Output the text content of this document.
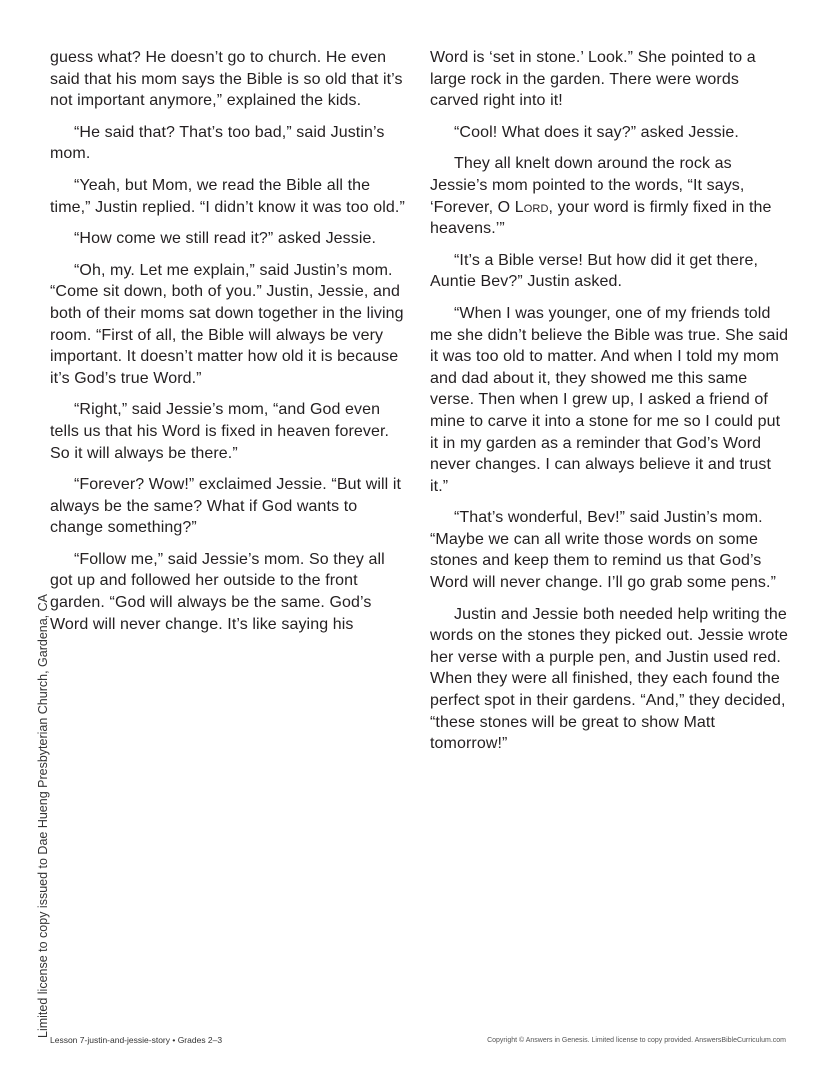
guess what? He doesn’t go to church. He even said that his mom says the Bible is so old that it’s not important anymore,” explained the kids.

“He said that? That’s too bad,” said Justin’s mom.

“Yeah, but Mom, we read the Bible all the time,” Justin replied. “I didn’t know it was too old.”

“How come we still read it?” asked Jessie.

“Oh, my. Let me explain,” said Justin’s mom. “Come sit down, both of you.” Justin, Jessie, and both of their moms sat down together in the living room. “First of all, the Bible will always be very important. It doesn’t matter how old it is because it’s God’s true Word.”

“Right,” said Jessie’s mom, “and God even tells us that his Word is fixed in heaven forever. So it will always be there.”

“Forever? Wow!” exclaimed Jessie. “But will it always be the same? What if God wants to change something?”

“Follow me,” said Jessie’s mom. So they all got up and followed her outside to the front garden. “God will always be the same. God’s Word will never change. It’s like saying his

Word is ‘set in stone.’ Look.” She pointed to a large rock in the garden. There were words carved right into it!

“Cool! What does it say?” asked Jessie.

They all knelt down around the rock as Jessie’s mom pointed to the words, “It says, ‘Forever, O Lord, your word is firmly fixed in the heavens.’”

“It’s a Bible verse! But how did it get there, Auntie Bev?” Justin asked.

“When I was younger, one of my friends told me she didn’t believe the Bible was true. She said it was too old to matter. And when I told my mom and dad about it, they showed me this same verse. Then when I grew up, I asked a friend of mine to carve it into a stone for me so I could put it in my garden as a reminder that God’s Word never changes. I can always believe it and trust it.”

“That’s wonderful, Bev!” said Justin’s mom. “Maybe we can all write those words on some stones and keep them to remind us that God’s Word will never change. I’ll go grab some pens.”

Justin and Jessie both needed help writing the words on the stones they picked out. Jessie wrote her verse with a purple pen, and Justin used red. When they were all finished, they each found the perfect spot in their gardens. “And,” they decided, “these stones will be great to show Matt tomorrow!”

Limited license to copy issued to Dae Hueng Presbyterian Church, Gardena, CA
Lesson 7-justin-and-jessie-story • Grades 2–3	Copyright © Answers in Genesis. Limited license to copy provided. AnswersBibleCurriculum.com
